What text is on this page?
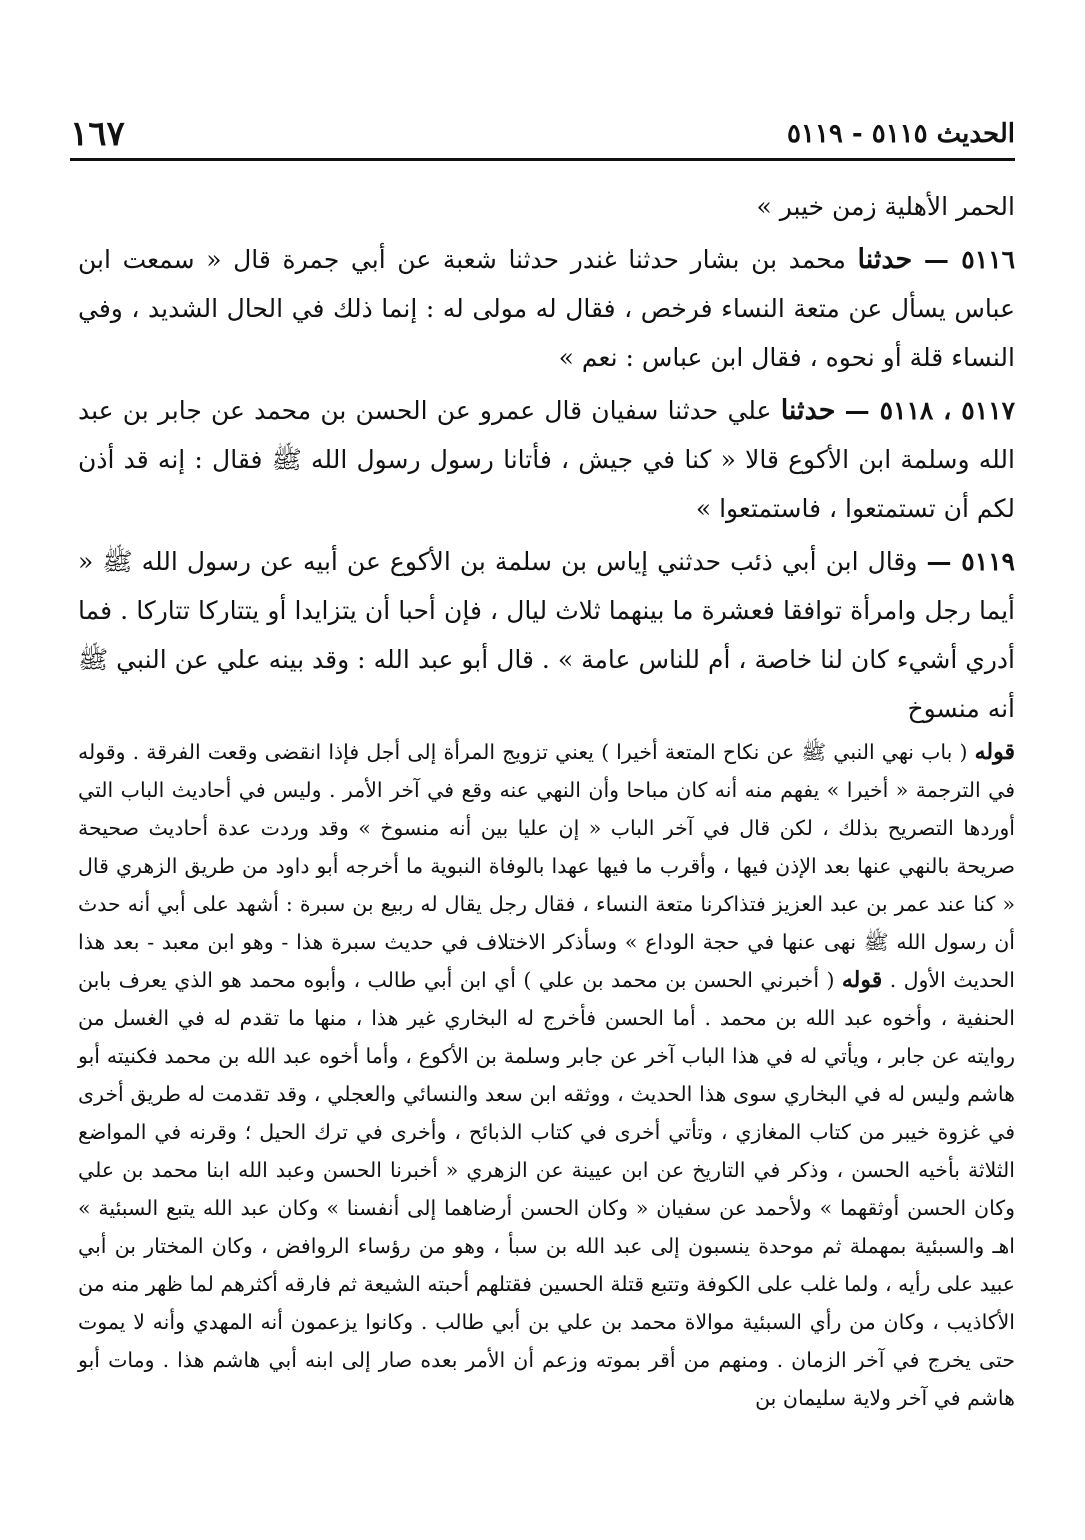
الحديث ٥١١٥ - ٥١١٩
١٦٧

الحمر الأهلية زمن خيبر »

٥١١٦ — حدثنا محمد بن بشار حدثنا غندر حدثنا شعبة عن أبي جمرة قال « سمعت ابن عباس يسأل عن متعة النساء فرخص ، فقال له مولى له : إنما ذلك في الحال الشديد ، وفي النساء قلة أو نحوه ، فقال ابن عباس : نعم »

٥١١٧ ، ٥١١٨ — حدثنا علي حدثنا سفيان قال عمرو عن الحسن بن محمد عن جابر بن عبد الله وسلمة ابن الأكوع قالا « كنا في جيش ، فأتانا رسول رسول الله ﷺ فقال : إنه قد أذن لكم أن تستمتعوا ، فاستمتعوا »

٥١١٩ — وقال ابن أبي ذئب حدثني إياس بن سلمة بن الأكوع عن أبيه عن رسول الله ﷺ « أيما رجل وامرأة توافقا فعشرة ما بينهما ثلاث ليال ، فإن أحبا أن يتزايدا أو يتتاركا تتاركا . فما أدري أشيء كان لنا خاصة ، أم للناس عامة » . قال أبو عبد الله : وقد بينه علي عن النبي ﷺ أنه منسوخ

قوله ( باب نهي النبي ﷺ عن نكاح المتعة أخيرا ) يعني تزويج المرأة إلى أجل فإذا انقضى وقعت الفرقة . وقوله في الترجمة « أخيرا » يفهم منه أنه كان مباحا وأن النهي عنه وقع في آخر الأمر . وليس في أحاديث الباب التي أوردها التصريح بذلك ، لكن قال في آخر الباب « إن عليا بين أنه منسوخ » وقد وردت عدة أحاديث صحيحة صريحة بالنهي عنها بعد الإذن فيها ، وأقرب ما فيها عهدا بالوفاة النبوية ما أخرجه أبو داود من طريق الزهري قال « كنا عند عمر بن عبد العزيز فتذاكرنا متعة النساء ، فقال رجل يقال له ربيع بن سبرة : أشهد على أبي أنه حدث أن رسول الله ﷺ نهى عنها في حجة الوداع » وسأذكر الاختلاف في حديث سبرة هذا - وهو ابن معبد - بعد هذا الحديث الأول . قوله ( أخبرني الحسن بن محمد بن علي ) أي ابن أبي طالب ، وأبوه محمد هو الذي يعرف بابن الحنفية ، وأخوه عبد الله بن محمد . أما الحسن فأخرج له البخاري غير هذا ، منها ما تقدم له في الغسل من روايته عن جابر ، ويأتي له في هذا الباب آخر عن جابر وسلمة بن الأكوع ، وأما أخوه عبد الله بن محمد فكنيته أبو هاشم وليس له في البخاري سوى هذا الحديث ، ووثقه ابن سعد والنسائي والعجلي ، وقد تقدمت له طريق أخرى في غزوة خيبر من كتاب المغازي ، وتأتي أخرى في كتاب الذبائح ، وأخرى في ترك الحيل ؛ وقرنه في المواضع الثلاثة بأخيه الحسن ، وذكر في التاريخ عن ابن عيينة عن الزهري « أخبرنا الحسن وعبد الله ابنا محمد بن علي وكان الحسن أوثقهما » ولأحمد عن سفيان « وكان الحسن أرضاهما إلى أنفسنا » وكان عبد الله يتبع السبئية » اهـ والسبئية بمهملة ثم موحدة ينسبون إلى عبد الله بن سبأ ، وهو من رؤساء الروافض ، وكان المختار بن أبي عبيد على رأيه ، ولما غلب على الكوفة وتتبع قتلة الحسين فقتلهم أحبته الشيعة ثم فارقه أكثرهم لما ظهر منه من الأكاذيب ، وكان من رأي السبئية موالاة محمد بن علي بن أبي طالب . وكانوا يزعمون أنه المهدي وأنه لا يموت حتى يخرج في آخر الزمان . ومنهم من أقر بموته وزعم أن الأمر بعده صار إلى ابنه أبي هاشم هذا . ومات أبو هاشم في آخر ولاية سليمان بن
